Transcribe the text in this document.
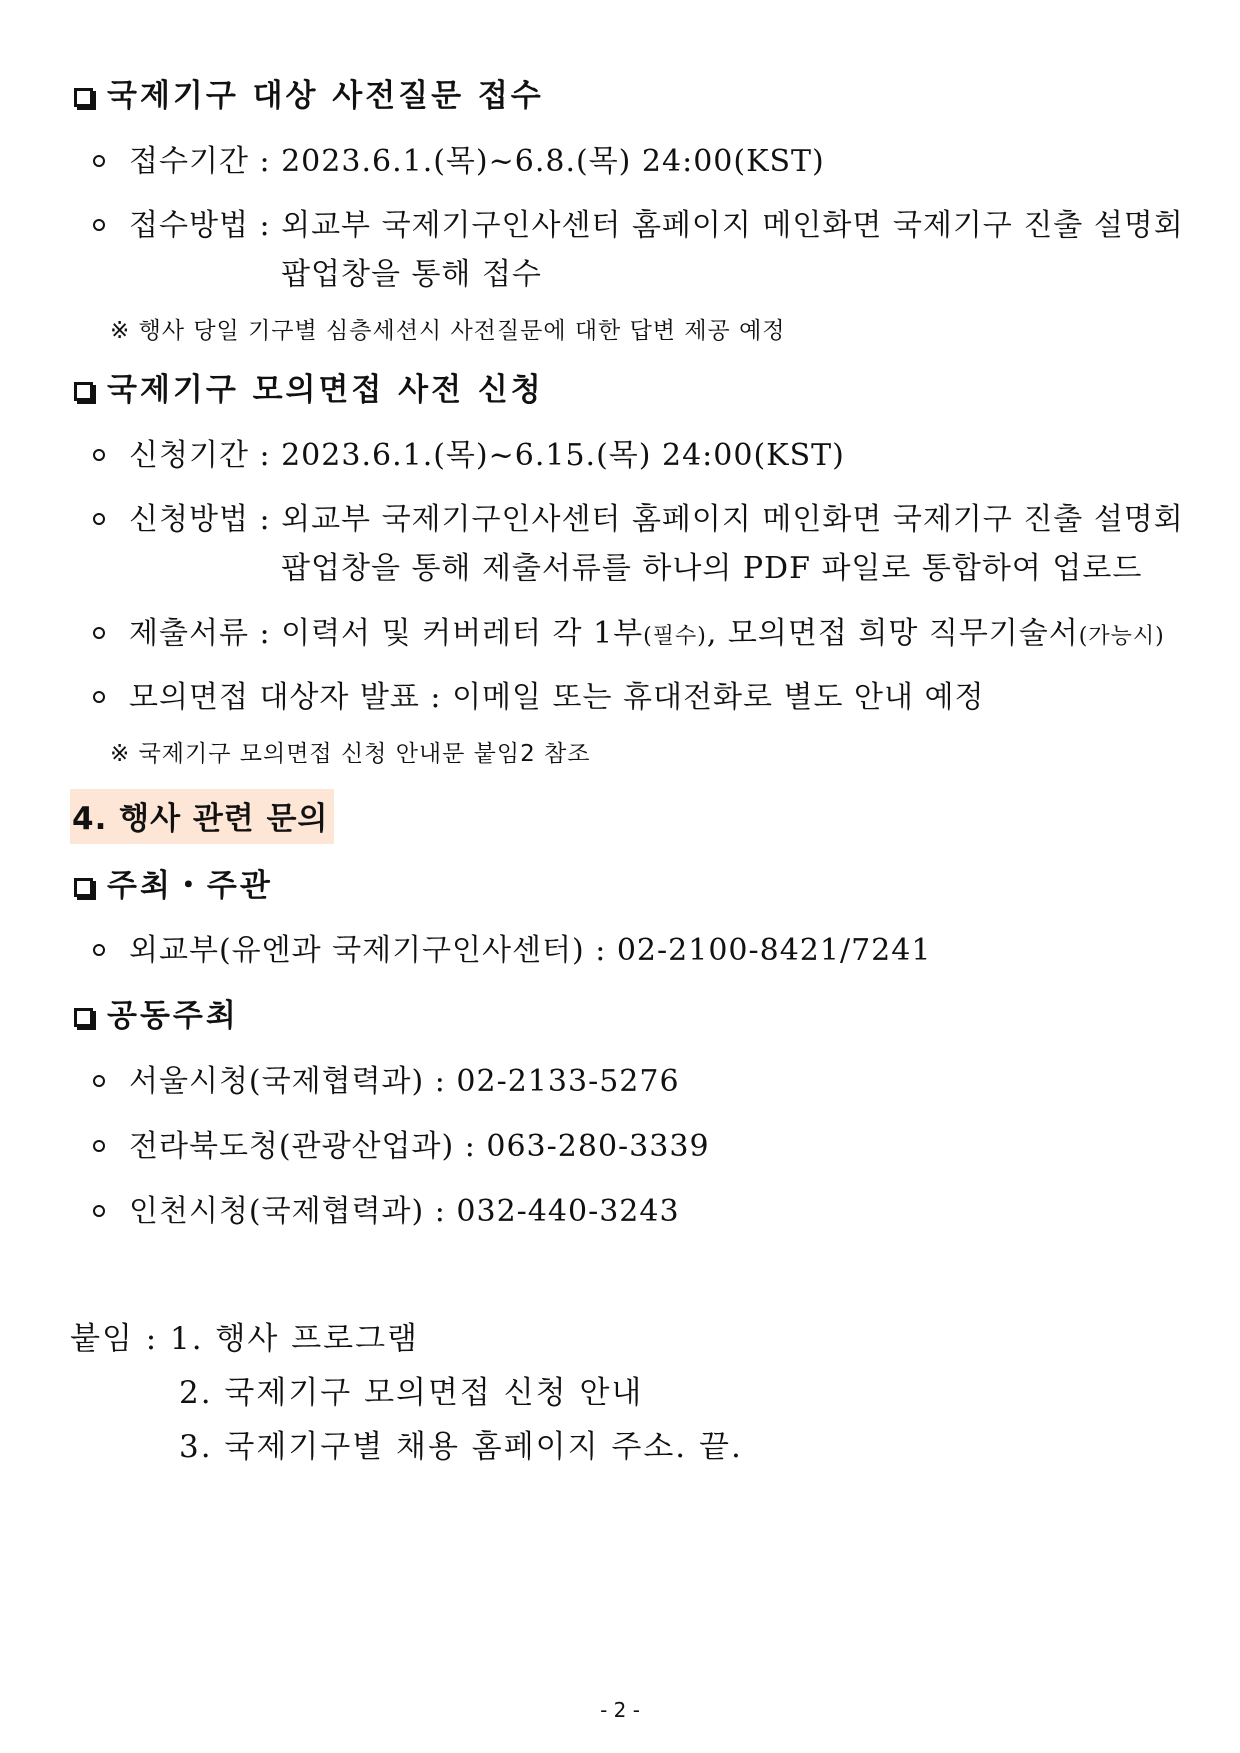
국제기구 대상 사전질문 접수
접수기간 : 2023.6.1.(목)~6.8.(목) 24:00(KST)
접수방법 : 외교부 국제기구인사센터 홈페이지 메인화면 국제기구 진출 설명회
팝업창을 통해 접수
※ 행사 당일 기구별 심층세션시 사전질문에 대한 답변 제공 예정
국제기구 모의면접 사전 신청
신청기간 : 2023.6.1.(목)~6.15.(목) 24:00(KST)
신청방법 : 외교부 국제기구인사센터 홈페이지 메인화면 국제기구 진출 설명회
팝업창을 통해 제출서류를 하나의 PDF 파일로 통합하여 업로드
제출서류 : 이력서 및 커버레터 각 1부(필수), 모의면접 희망 직무기술서(가능시)
모의면접 대상자 발표 : 이메일 또는 휴대전화로 별도 안내 예정
※ 국제기구 모의면접 신청 안내문 붙임2 참조
4. 행사 관련 문의
주최・주관
외교부(유엔과 국제기구인사센터) : 02-2100-8421/7241
공동주최
서울시청(국제협력과) : 02-2133-5276
전라북도청(관광산업과) : 063-280-3339
인천시청(국제협력과) : 032-440-3243
붙임 : 1. 행사 프로그램
2. 국제기구 모의면접 신청 안내
3. 국제기구별 채용 홈페이지 주소. 끝.
- 2 -
